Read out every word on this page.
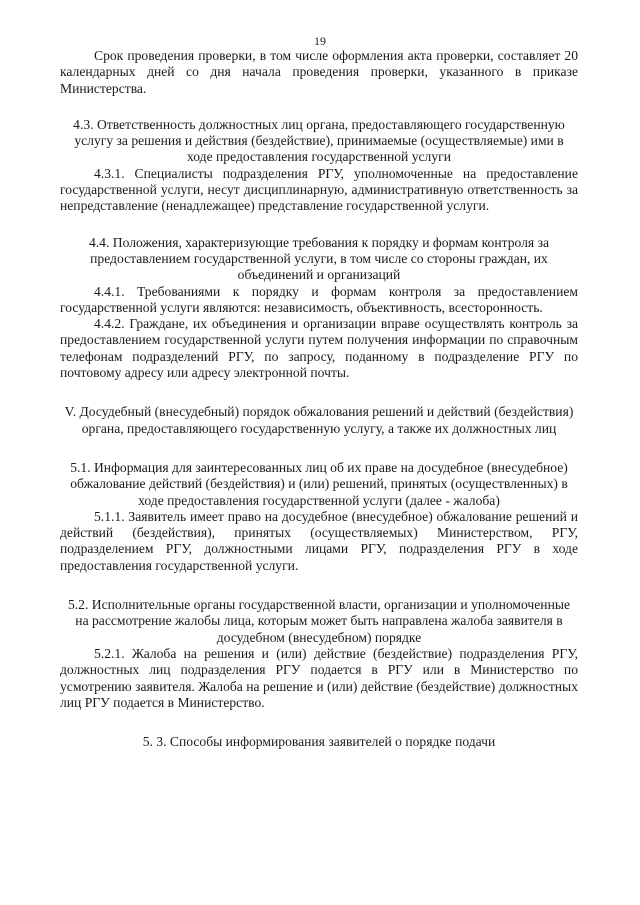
19

Срок проведения проверки, в том числе оформления акта проверки, составляет 20 календарных дней со дня начала проведения проверки, указанного в приказе Министерства.

4.3. Ответственность должностных лиц органа, предоставляющего государственную услугу за решения и действия (бездействие), принимаемые (осуществляемые) ими в ходе предоставления государственной услуги

4.3.1. Специалисты подразделения РГУ, уполномоченные на предоставление государственной услуги, несут дисциплинарную, административную ответственность за непредставление (ненадлежащее) представление государственной услуги.

4.4. Положения, характеризующие требования к порядку и формам контроля за предоставлением государственной услуги, в том числе со стороны граждан, их объединений и организаций

4.4.1. Требованиями к порядку и формам контроля за предоставлением государственной услуги являются: независимость, объективность, всесторонность.

4.4.2. Граждане, их объединения и организации вправе осуществлять контроль за предоставлением государственной услуги путем получения информации по справочным телефонам подразделений РГУ, по запросу, поданному в подразделение РГУ по почтовому адресу или адресу электронной почты.

V. Досудебный (внесудебный) порядок обжалования решений и действий (бездействия) органа, предоставляющего государственную услугу, а также их должностных лиц

5.1. Информация для заинтересованных лиц об их праве на досудебное (внесудебное) обжалование действий (бездействия) и (или) решений, принятых (осуществленных) в ходе предоставления государственной услуги (далее - жалоба)

5.1.1. Заявитель имеет право на досудебное (внесудебное) обжалование решений и действий (бездействия), принятых (осуществляемых) Министерством, РГУ, подразделением РГУ, должностными лицами РГУ, подразделения РГУ в ходе предоставления государственной услуги.

5.2. Исполнительные органы государственной власти, организации и уполномоченные на рассмотрение жалобы лица, которым может быть направлена жалоба заявителя в досудебном (внесудебном) порядке

5.2.1. Жалоба на решения и (или) действие (бездействие) подразделения РГУ, должностных лиц подразделения РГУ подается в РГУ или в Министерство по усмотрению заявителя. Жалоба на решение и (или) действие (бездействие) должностных лиц РГУ подается в Министерство.

5. 3. Способы информирования заявителей о порядке подачи
